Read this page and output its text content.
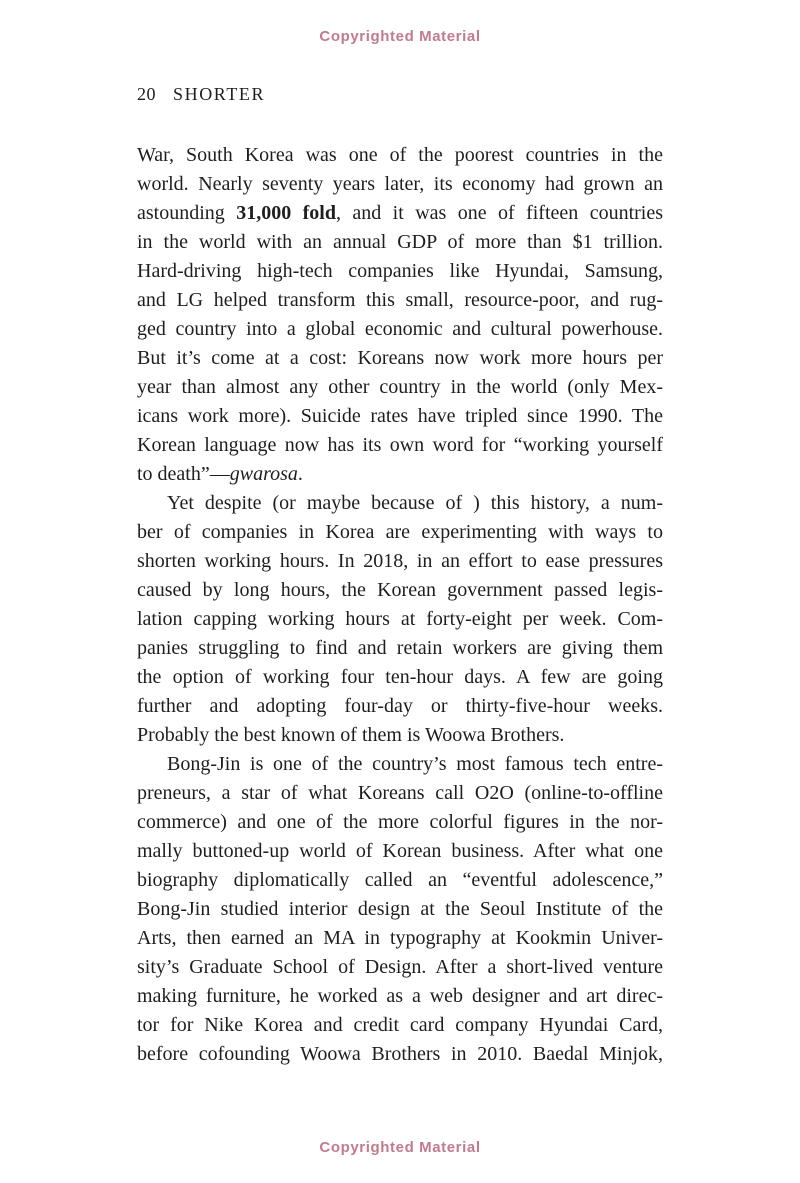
Copyrighted Material
20 SHORTER
War, South Korea was one of the poorest countries in the
world. Nearly seventy years later, its economy had grown an
astounding 31,000 fold, and it was one of fifteen countries
in the world with an annual GDP of more than $1 trillion.
Hard-driving high-tech companies like Hyundai, Samsung,
and LG helped transform this small, resource-poor, and rug-
ged country into a global economic and cultural powerhouse.
But it’s come at a cost: Koreans now work more hours per
year than almost any other country in the world (only Mex-
icans work more). Suicide rates have tripled since 1990. The
Korean language now has its own word for “working yourself
to death”—gwarosa.
Yet despite (or maybe because of ) this history, a num-
ber of companies in Korea are experimenting with ways to
shorten working hours. In 2018, in an effort to ease pressures
caused by long hours, the Korean government passed legis-
lation capping working hours at forty-eight per week. Com-
panies struggling to find and retain workers are giving them
the option of working four ten-hour days. A few are going
further and adopting four-day or thirty-five-hour weeks.
Probably the best known of them is Woowa Brothers.
Bong-Jin is one of the country’s most famous tech entre-
preneurs, a star of what Koreans call O2O (online-to-offline
commerce) and one of the more colorful figures in the nor-
mally buttoned-up world of Korean business. After what one
biography diplomatically called an “eventful adolescence,”
Bong-Jin studied interior design at the Seoul Institute of the
Arts, then earned an MA in typography at Kookmin Univer-
sity’s Graduate School of Design. After a short-lived venture
making furniture, he worked as a web designer and art direc-
tor for Nike Korea and credit card company Hyundai Card,
before cofounding Woowa Brothers in 2010. Baedal Minjok,
Copyrighted Material
